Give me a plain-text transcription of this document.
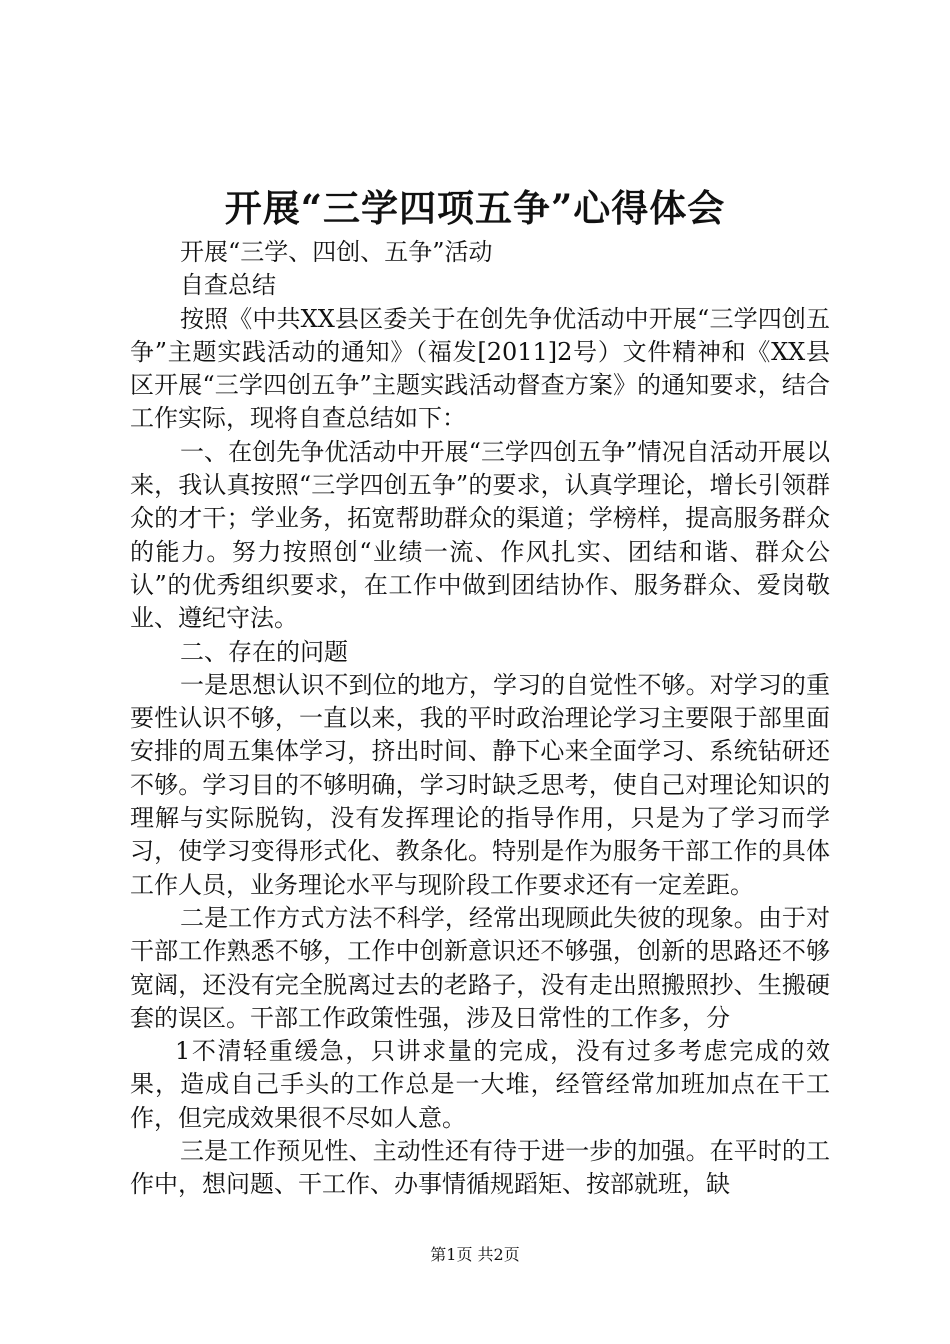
开展“三学四项五争”心得体会

开展“三学、四创、五争”活动

自查总结

按照《中共XX县区委关于在创先争优活动中开展“三学四创五争”主题实践活动的通知》（福发[2011]2号）文件精神和《XX县区开展“三学四创五争”主题实践活动督查方案》的通知要求，结合工作实际，现将自查总结如下：

一、在创先争优活动中开展“三学四创五争”情况自活动开展以来，我认真按照“三学四创五争”的要求，认真学理论，增长引领群众的才干；学业务，拓宽帮助群众的渠道；学榜样，提高服务群众的能力。努力按照创“业绩一流、作风扎实、团结和谐、群众公认”的优秀组织要求，在工作中做到团结协作、服务群众、爱岗敬业、遵纪守法。

二、存在的问题

一是思想认识不到位的地方，学习的自觉性不够。对学习的重要性认识不够，一直以来，我的平时政治理论学习主要限于部里面安排的周五集体学习，挤出时间、静下心来全面学习、系统钻研还不够。学习目的不够明确，学习时缺乏思考，使自己对理论知识的理解与实际脱钩，没有发挥理论的指导作用，只是为了学习而学习，使学习变得形式化、教条化。特别是作为服务干部工作的具体工作人员，业务理论水平与现阶段工作要求还有一定差距。

二是工作方式方法不科学，经常出现顾此失彼的现象。由于对干部工作熟悉不够，工作中创新意识还不够强，创新的思路还不够宽阔，还没有完全脱离过去的老路子，没有走出照搬照抄、生搬硬套的误区。干部工作政策性强，涉及日常性的工作多，分

1不清轻重缓急，只讲求量的完成，没有过多考虑完成的效果，造成自己手头的工作总是一大堆，经管经常加班加点在干工作，但完成效果很不尽如人意。

三是工作预见性、主动性还有待于进一步的加强。在平时的工作中，想问题、干工作、办事情循规蹈矩、按部就班，缺

第1页 共2页
